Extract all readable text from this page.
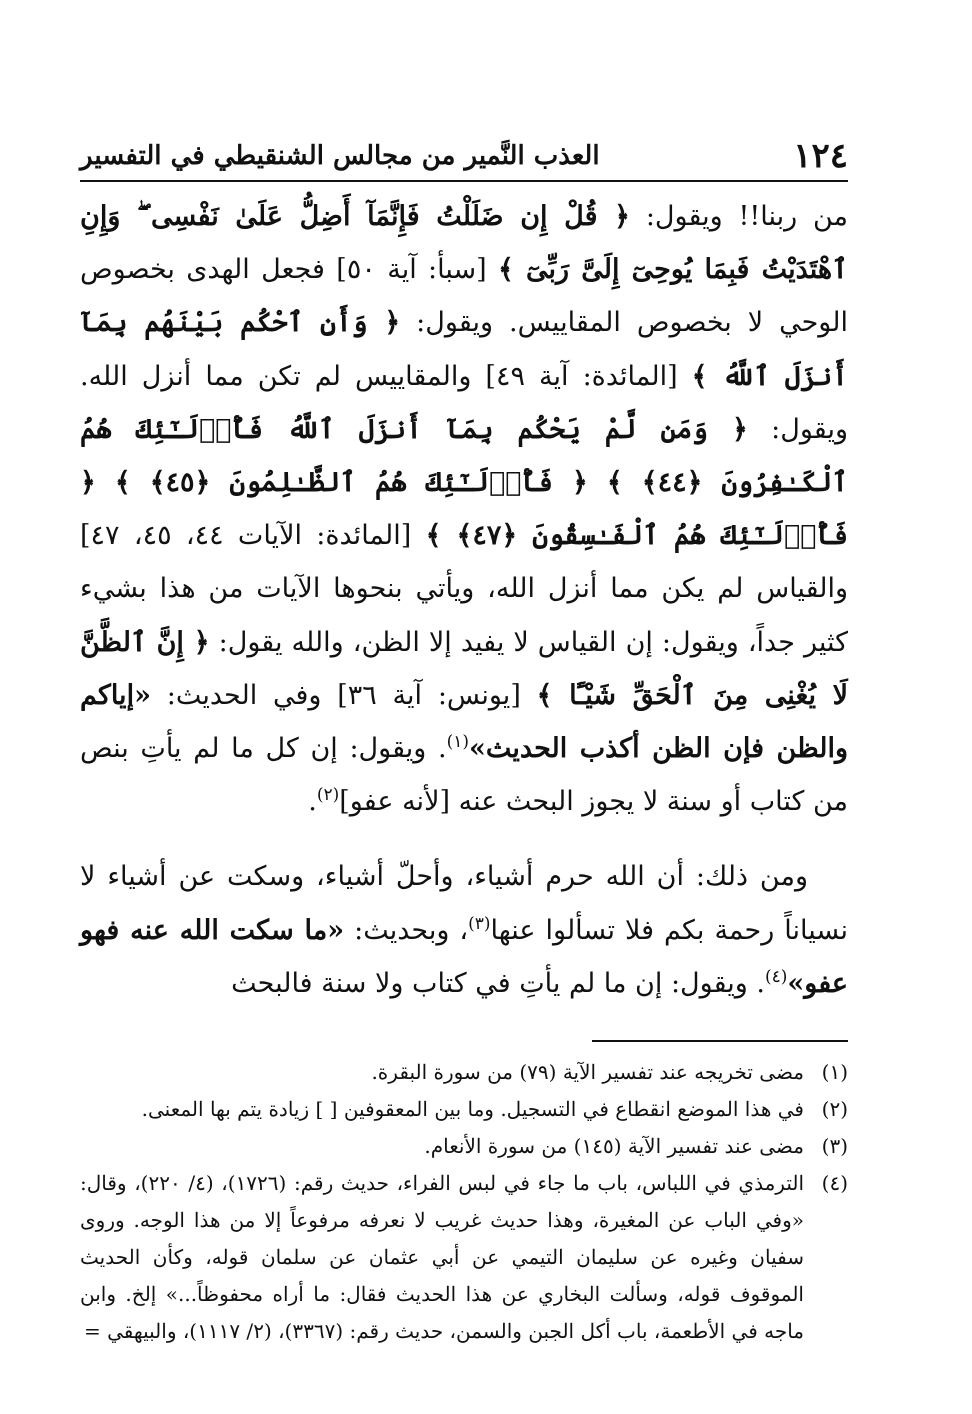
١٢٤
العذب النَّمير من مجالس الشنقيطي في التفسير

من ربنا!! ويقول: ﴿ قُلْ إِن ضَلَلْتُ فَإِنَّمَآ أَضِلُّ عَلَىٰ نَفْسِى ۖ وَإِنِ ٱهْتَدَيْتُ فَبِمَا يُوحِىٓ إِلَىَّ رَبِّىٓ ﴾ [سبأ: آية ٥٠] فجعل الهدى بخصوص الوحي لا بخصوص المقاييس. ويقول: ﴿ وَأَنِ ٱحْكُم بَيْنَهُم بِمَآ أَنزَلَ ٱللَّهُ ﴾ [المائدة: آية ٤٩] والمقاييس لم تكن مما أنزل الله. ويقول: ﴿ وَمَن لَّمْ يَحْكُم بِمَآ أَنزَلَ ٱللَّهُ فَأُو۟لَـٰٓئِكَ هُمُ ٱلْكَـٰفِرُونَ ﴿٤٤﴾ ﴾ ﴿ فَأُو۟لَـٰٓئِكَ هُمُ ٱلظَّـٰلِمُونَ ﴿٤٥﴾ ﴾ ﴿ فَأُو۟لَـٰٓئِكَ هُمُ ٱلْفَـٰسِقُونَ ﴿٤٧﴾ ﴾ [المائدة: الآيات ٤٤، ٤٥، ٤٧] والقياس لم يكن مما أنزل الله، ويأتي بنحوها الآيات من هذا بشيء كثير جداً، ويقول: إن القياس لا يفيد إلا الظن، والله يقول: ﴿ إِنَّ ٱلظَّنَّ لَا يُغْنِى مِنَ ٱلْحَقِّ شَيْـًٔا ﴾ [يونس: آية ٣٦] وفي الحديث: «إياكم والظن فإن الظن أكذب الحديث»$^{(١)}$. ويقول: إن كل ما لم يأتِ بنص من كتاب أو سنة لا يجوز البحث عنه [لأنه عفو]$^{(٢)}$.

ومن ذلك: أن الله حرم أشياء، وأحلّ أشياء، وسكت عن أشياء لا نسياناً رحمة بكم فلا تسألوا عنها$^{(٣)}$، وبحديث: «ما سكت الله عنه فهو عفو»$^{(٤)}$. ويقول: إن ما لم يأتِ في كتاب ولا سنة فالبحث

(١)
مضى تخريجه عند تفسير الآية (٧٩) من سورة البقرة.
(٢)
في هذا الموضع انقطاع في التسجيل. وما بين المعقوفين [ ] زيادة يتم بها المعنى.
(٣)
مضى عند تفسير الآية (١٤٥) من سورة الأنعام.
(٤)
الترمذي في اللباس، باب ما جاء في لبس الفراء، حديث رقم: (١٧٢٦)، (٤/ ٢٢٠)، وقال: «وفي الباب عن المغيرة، وهذا حديث غريب لا نعرفه مرفوعاً إلا من هذا الوجه. وروى سفيان وغيره عن سليمان التيمي عن أبي عثمان عن سلمان قوله، وكأن الحديث الموقوف قوله، وسألت البخاري عن هذا الحديث فقال: ما أراه محفوظاً...» إلخ. وابن ماجه في الأطعمة، باب أكل الجبن والسمن، حديث رقم: (٣٣٦٧)، (٢/ ١١١٧)، والبيهقي =
